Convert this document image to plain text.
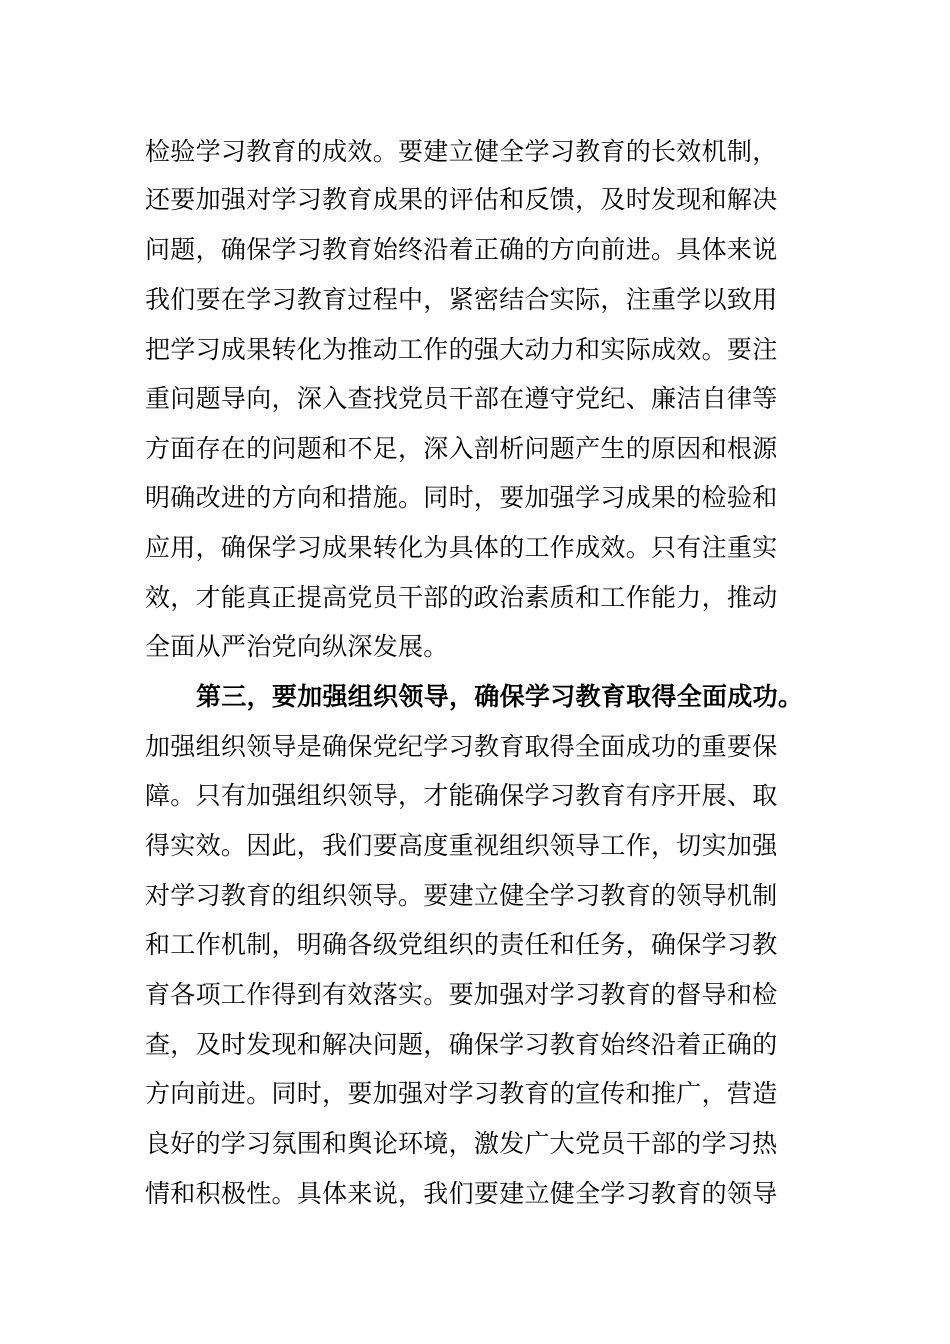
检验学习教育的成效。要建立健全学习教育的长效机制，
还要加强对学习教育成果的评估和反馈，及时发现和解决
问题，确保学习教育始终沿着正确的方向前进。具体来说
我们要在学习教育过程中，紧密结合实际，注重学以致用
把学习成果转化为推动工作的强大动力和实际成效。要注
重问题导向，深入查找党员干部在遵守党纪、廉洁自律等
方面存在的问题和不足，深入剖析问题产生的原因和根源
明确改进的方向和措施。同时，要加强学习成果的检验和
应用，确保学习成果转化为具体的工作成效。只有注重实
效，才能真正提高党员干部的政治素质和工作能力，推动
全面从严治党向纵深发展。
第三，要加强组织领导，确保学习教育取得全面成功。
加强组织领导是确保党纪学习教育取得全面成功的重要保
障。只有加强组织领导，才能确保学习教育有序开展、取
得实效。因此，我们要高度重视组织领导工作，切实加强
对学习教育的组织领导。要建立健全学习教育的领导机制
和工作机制，明确各级党组织的责任和任务，确保学习教
育各项工作得到有效落实。要加强对学习教育的督导和检
查，及时发现和解决问题，确保学习教育始终沿着正确的
方向前进。同时，要加强对学习教育的宣传和推广，营造
良好的学习氛围和舆论环境，激发广大党员干部的学习热
情和积极性。具体来说，我们要建立健全学习教育的领导
